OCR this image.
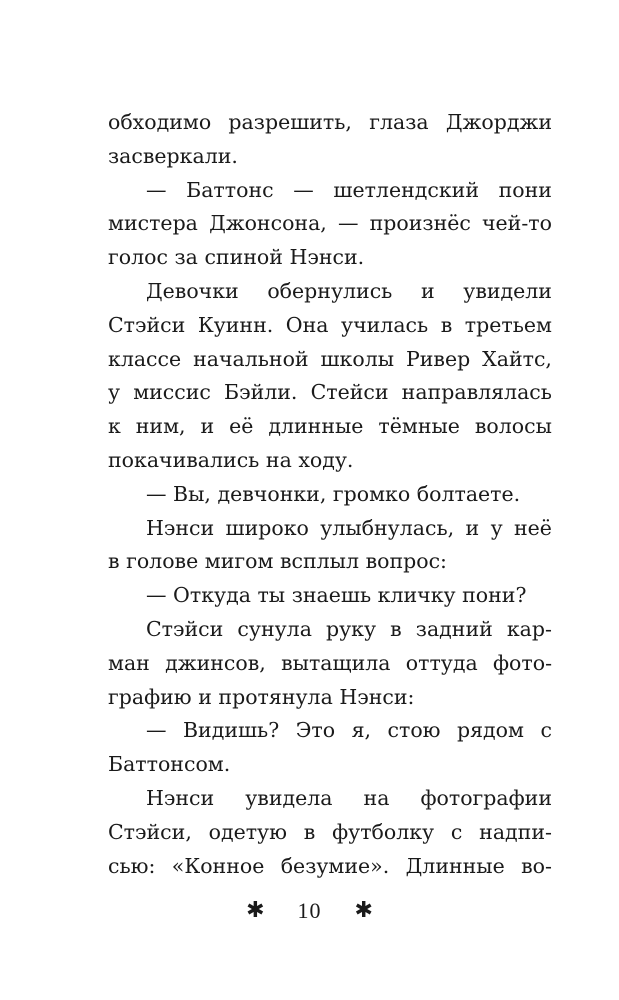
обходимо разрешить, глаза Джорджи
засверкали.
— Баттонс — шетлендский пони
мистера Джонсона, — произнёс чей-то
голос за спиной Нэнси.
Девочки обернулись и увидели
Стэйси Куинн. Она училась в третьем
классе начальной школы Ривер Хайтс,
у миссис Бэйли. Стейси направлялась
к ним, и её длинные тёмные волосы
покачивались на ходу.
— Вы, девчонки, громко болтаете.
Нэнси широко улыбнулась, и у неё
в голове мигом всплыл вопрос:
— Откуда ты знаешь кличку пони?
Стэйси сунула руку в задний кар-
ман джинсов, вытащила оттуда фото-
графию и протянула Нэнси:
— Видишь? Это я, стою рядом с
Баттонсом.
Нэнси увидела на фотографии
Стэйси, одетую в футболку с надпи-
сью: «Конное безумие». Длинные во-
✱ 10 ✱
